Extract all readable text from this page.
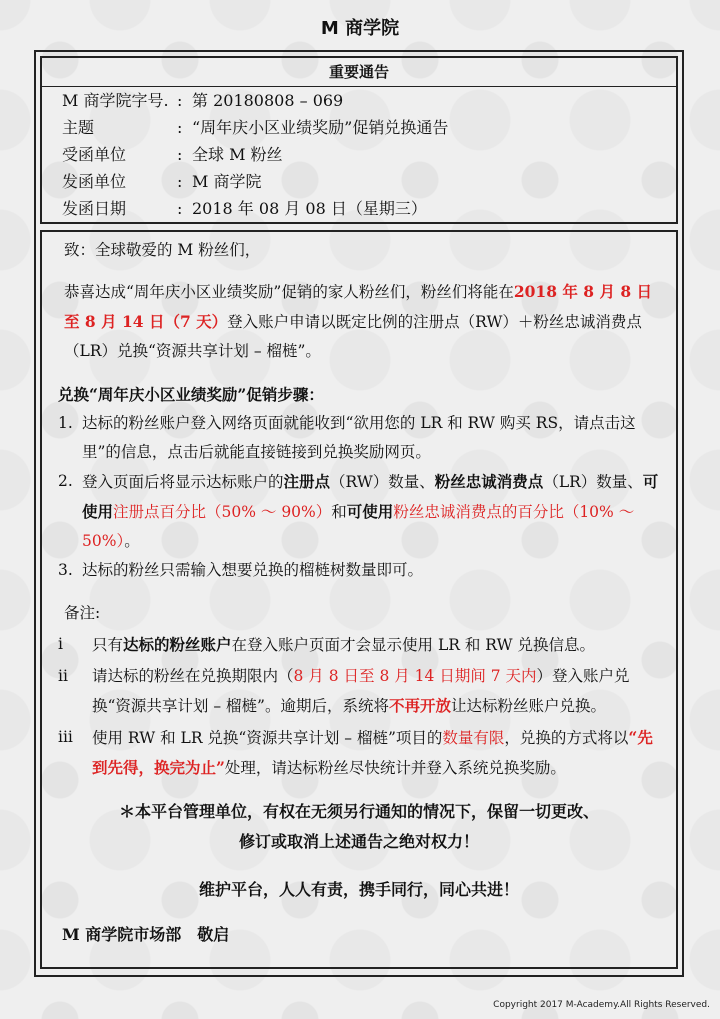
M 商学院
重要通告
M 商学院字号. : 第 20180808 – 069
主题	: “周年庆小区业绩奖励”促销兑换通告
受函单位	: 全球 M 粉丝
发函单位	: M 商学院
发函日期	: 2018 年 08 月 08 日（星期三）
致：全球敬爱的 M 粉丝们，
恭喜达成“周年庆小区业绩奖励”促销的家人粉丝们，粉丝们将能在2018 年 8 月 8 日至 8 月 14 日（7 天）登入账户申请以既定比例的注册点（RW）＋粉丝忠诚消费点（LR）兑换“资源共享计划 – 榴梿”。
兑换“周年庆小区业绩奖励”促销步骤：
1. 达标的粉丝账户登入网络页面就能收到“欲用您的 LR 和 RW 购买 RS，请点击这里”的信息，点击后就能直接链接到兑换奖励网页。
2. 登入页面后将显示达标账户的注册点（RW）数量、粉丝忠诚消费点（LR）数量、可使用注册点百分比（50% ～ 90%）和可使用粉丝忠诚消费点的百分比（10% ～ 50%）。
3. 达标的粉丝只需输入想要兑换的榴梿树数量即可。
备注:
i	只有达标的粉丝账户在登入账户页面才会显示使用 LR 和 RW 兑换信息。
ii	请达标的粉丝在兑换期限内（8 月 8 日至 8 月 14 日期间 7 天内）登入账户兑换“资源共享计划 – 榴梿”。逾期后，系统将不再开放让达标粉丝账户兑换。
iii	使用 RW 和 LR 兑换“资源共享计划 – 榴梿”项目的数量有限，兑换的方式将以“先到先得，换完为止”处理，请达标粉丝尽快统计并登入系统兑换奖励。
＊本平台管理单位，有权在无须另行通知的情况下，保留一切更改、
修订或取消上述通告之绝对权力！
维护平台，人人有责，携手同行，同心共进！
M 商学院市场部　敬启
Copyright 2017 M-Academy.All Rights Reserved.
